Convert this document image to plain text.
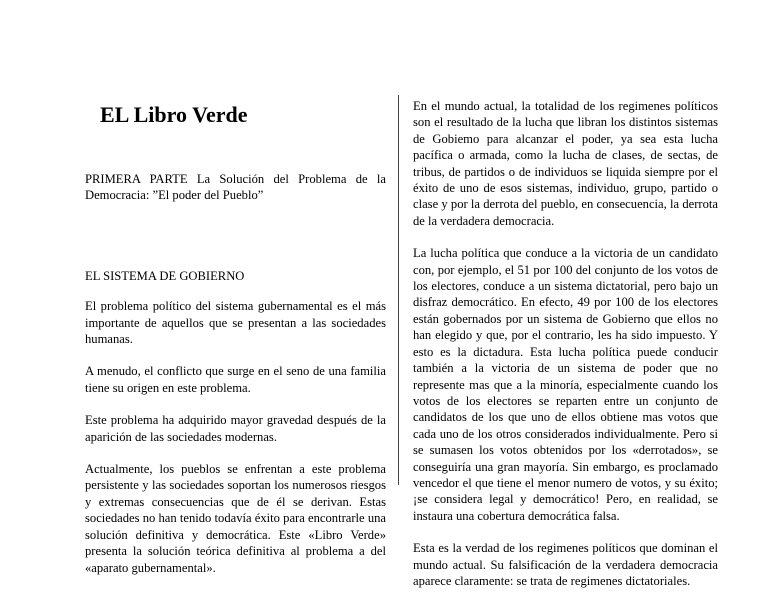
EL Libro Verde

PRIMERA PARTE La Solución del Problema de la Democracia: ”El poder del Pueblo”

EL SISTEMA DE GOBIERNO

El problema político del sistema gubernamental es el más importante de aquellos que se presentan a las sociedades humanas.

A menudo, el conflicto que surge en el seno de una familia tiene su origen en este problema.

Este problema ha adquirido mayor gravedad después de la aparición de las sociedades modernas.

Actualmente, los pueblos se enfrentan a este problema persistente y las sociedades soportan los numerosos riesgos y extremas consecuencias que de él se derivan. Estas sociedades no han tenido todavía éxito para encontrarle una solución definitiva y democrática. Este «Libro Verde» presenta la solución teórica definitiva al problema a del «aparato gubernamental».

En el mundo actual, la totalidad de los regimenes políticos son el resultado de la lucha que libran los distintos sistemas de Gobiemo para alcanzar el poder, ya sea esta lucha pacífica o armada, como la lucha de clases, de sectas, de tribus, de partidos o de individuos se liquida siempre por el éxito de uno de esos sistemas, individuo, grupo, partido o clase y por la derrota del pueblo, en consecuencia, la derrota de la verdadera democracia.

La lucha política que conduce a la victoria de un candidato con, por ejemplo, el 51 por 100 del conjunto de los votos de los electores, conduce a un sistema dictatorial, pero bajo un disfraz democrático. En efecto, 49 por 100 de los electores están gobernados por un sistema de Gobierno que ellos no han elegido y que, por el contrario, les ha sido impuesto. Y esto es la dictadura. Esta lucha política puede conducir también a la victoria de un sistema de poder que no represente mas que a la minoría, especialmente cuando los votos de los electores se reparten entre un conjunto de candidatos de los que uno de ellos obtiene mas votos que cada uno de los otros considerados individualmente. Pero si se sumasen los votos obtenidos por los «derrotados», se conseguiría una gran mayoría. Sin embargo, es proclamado vencedor el que tiene el menor numero de votos, y su éxito; ¡se considera legal y democrático! Pero, en realidad, se instaura una cobertura democrática falsa.

Esta es la verdad de los regimenes políticos que dominan el mundo actual. Su falsificación de la verdadera democracia aparece claramente: se trata de regimenes dictatoriales.
